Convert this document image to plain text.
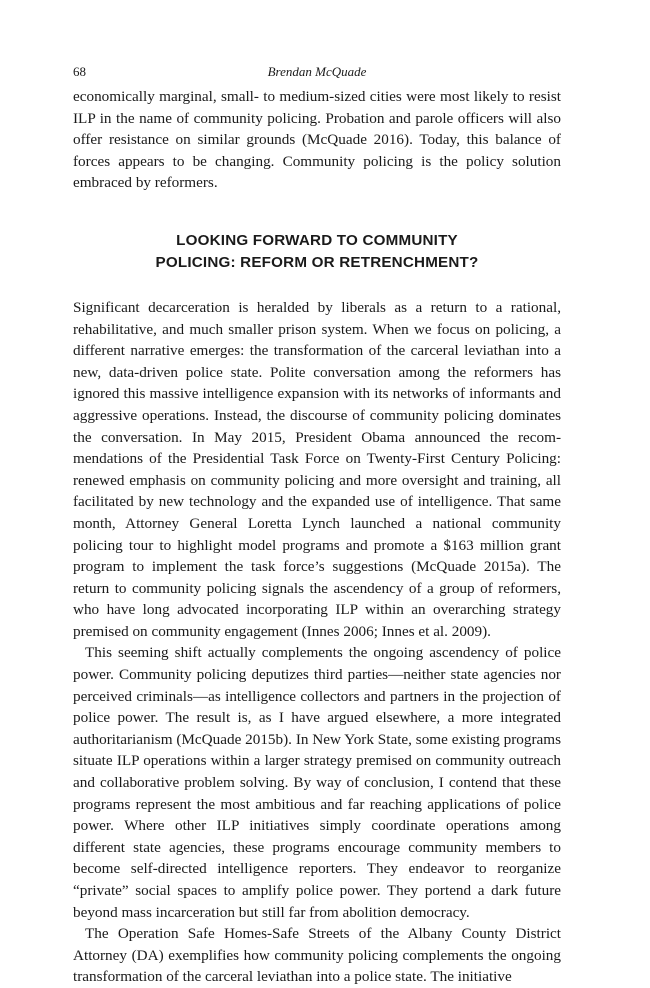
68	Brendan McQuade

economically marginal, small- to medium-sized cities were most likely to resist ILP in the name of community policing. Probation and parole officers will also offer resistance on similar grounds (McQuade 2016). Today, this balance of forces appears to be changing. Community policing is the policy solution embraced by reformers.

LOOKING FORWARD TO COMMUNITY
POLICING: REFORM OR RETRENCHMENT?

Significant decarceration is heralded by liberals as a return to a rational, rehabilitative, and much smaller prison system. When we focus on policing, a different narrative emerges: the transformation of the carceral leviathan into a new, data-driven police state. Polite conversation among the reformers has ignored this massive intelligence expansion with its networks of informants and aggressive operations. Instead, the discourse of community policing dominates the conversation. In May 2015, President Obama announced the recommendations of the Presidential Task Force on Twenty-First Century Policing: renewed emphasis on community policing and more oversight and training, all facilitated by new technology and the expanded use of intelligence. That same month, Attorney General Loretta Lynch launched a national community policing tour to highlight model programs and promote a $163 million grant program to implement the task force’s suggestions (McQuade 2015a). The return to community policing signals the ascendency of a group of reformers, who have long advocated incorporating ILP within an overarching strategy premised on community engagement (Innes 2006; Innes et al. 2009).

This seeming shift actually complements the ongoing ascendency of police power. Community policing deputizes third parties—neither state agencies nor perceived criminals—as intelligence collectors and partners in the projection of police power. The result is, as I have argued elsewhere, a more integrated authoritarianism (McQuade 2015b). In New York State, some existing programs situate ILP operations within a larger strategy premised on community outreach and collaborative problem solving. By way of conclusion, I contend that these programs represent the most ambitious and far reaching applications of police power. Where other ILP initiatives simply coordinate operations among different state agencies, these programs encourage community members to become self-directed intelligence reporters. They endeavor to reorganize “private” social spaces to amplify police power. They portend a dark future beyond mass incarceration but still far from abolition democracy.

The Operation Safe Homes-Safe Streets of the Albany County District Attorney (DA) exemplifies how community policing complements the ongoing transformation of the carceral leviathan into a police state. The initiative
